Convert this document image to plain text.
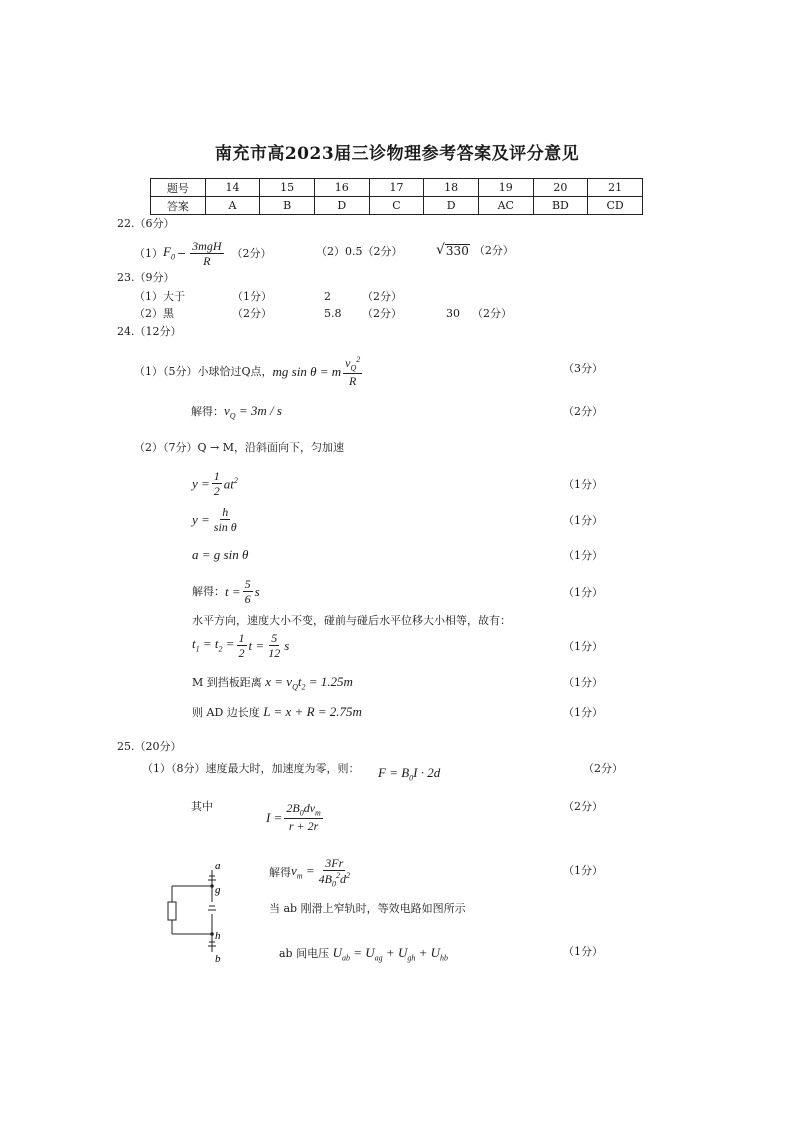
南充市高2023届三诊物理参考答案及评分意见
题号	14	15	16	17	18	19	20	21
答案	A	B	D	C	D	AC	BD	CD
22.（6分）
（1） $F_0 - \frac{\text{3mgH}}{R} (2$分）	（2）0.5（2分） √ 330 （2分）
23.（9分）
（1）大于	（1分）	2	（2分）
（2）黑	（2分）	5.8 （2分）	30 （2分）
24.（12分）
（1）（5分）小球恰过Q点， mg sin θ = m $\frac{v_Q^2}{R}$	（3分）
解得：$v_Q = 3m / s$	（2分）
（2）（7分）Q → M，沿斜面向下，匀加速
$y = \frac{1}{2} at^2$	（1分）
$y = \frac{h}{\text{sin θ}}$	（1分）
a = g sin θ	（1分）
解得： $t = \frac{5}{6}$ s	（1分）
水平方向，速度大小不变，碰前与碰后水平位移大小相等，故有：
$t_1 = t_2 = \frac{1}{2}$ $t = \frac{5}{12}$ s	（1分）
M 到挡板距离 $x = v_Qt_2 = 1.25m$	（1分）
则 AD 边长度 L = x + R = 2.75m	（1分）
25.（20分）
（1）（8分）速度最大时，加速度为零，则： $F = B_0I \cdot 2d$	（2分）
其中
$I = \frac{2B_0dv_m}{r + 2r}$	（2分）
解得 $v_m = \frac{3Fr}{4B_0^2d^2}$	（1分）
当 ab 刚滑上窄轨时，等效电路如图所示
ab 间电压 $U_{ab} = U_{ag} + U_{gh} + U_{hb}$
（1分）
a
g
h
b
